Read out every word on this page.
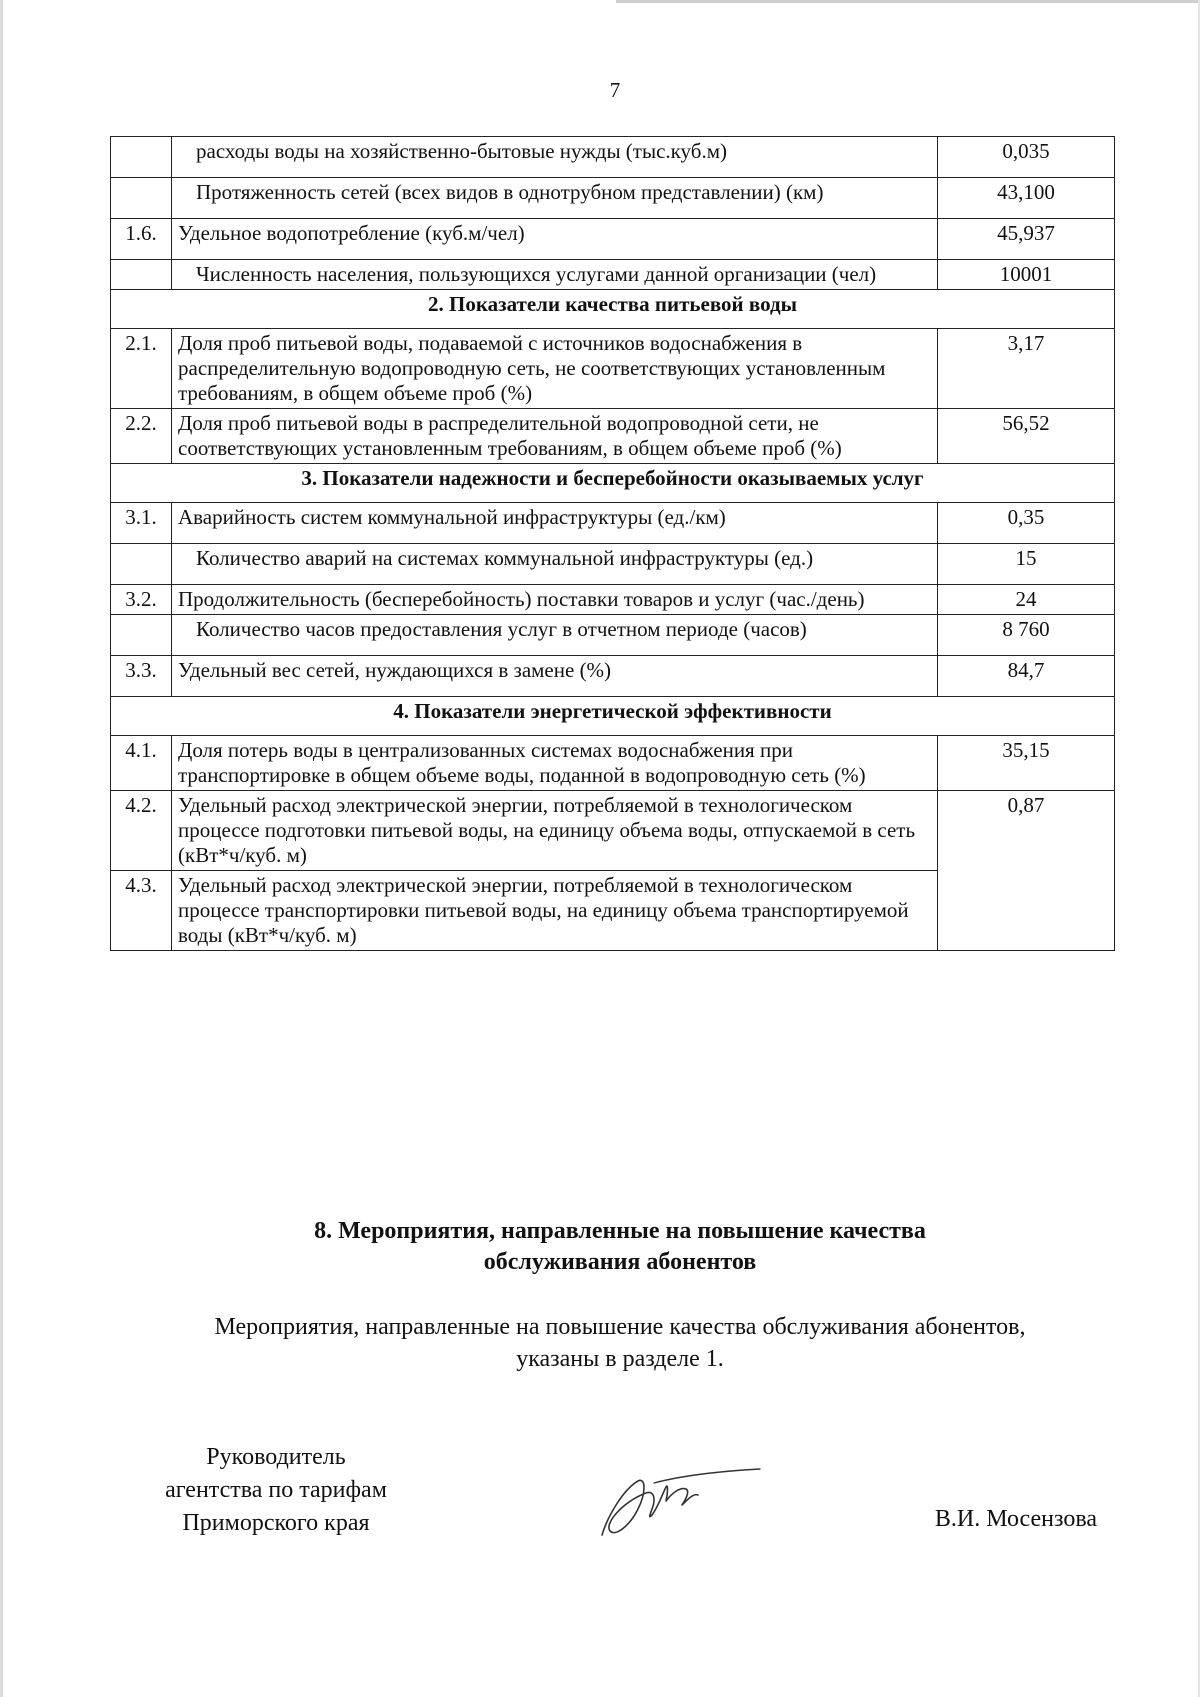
7
	расходы воды на хозяйственно-бытовые нужды (тыс.куб.м)	0,035
	Протяженность сетей (всех видов в однотрубном представлении) (км)	43,100
1.6.	Удельное водопотребление (куб.м/чел)	45,937
	Численность населения, пользующихся услугами данной организации (чел)	10001
2. Показатели качества питьевой воды		
2.1.	Доля проб питьевой воды, подаваемой с источников водоснабжения в распределительную водопроводную сеть, не соответствующих установленным требованиям, в общем объеме проб (%)	3,17
2.2.	Доля проб питьевой воды в распределительной водопроводной сети, не соответствующих установленным требованиям, в общем объеме проб (%)	56,52
3. Показатели надежности и бесперебойности оказываемых услуг		
3.1.	Аварийность систем коммунальной инфраструктуры (ед./км)	0,35
	Количество аварий на системах коммунальной инфраструктуры (ед.)	15
3.2.	Продолжительность (бесперебойность) поставки товаров и услуг (час./день)	24
	Количество часов предоставления услуг в отчетном периоде (часов)	8 760
3.3.	Удельный вес сетей, нуждающихся в замене (%)	84,7
4. Показатели энергетической эффективности		
4.1.	Доля потерь воды в централизованных системах водоснабжения при транспортировке в общем объеме воды, поданной в водопроводную сеть (%)	35,15
4.2.	Удельный расход электрической энергии, потребляемой в технологическом процессе подготовки питьевой воды, на единицу объема воды, отпускаемой в сеть (кВт*ч/куб. м)	0,87
4.3.	Удельный расход электрической энергии, потребляемой в технологическом процессе транспортировки питьевой воды, на единицу объема транспортируемой воды (кВт*ч/куб. м)	
8. Мероприятия, направленные на повышение качества
обслуживания абонентов
Мероприятия, направленные на повышение качества обслуживания абонентов,
указаны в разделе 1.
Руководитель
агентства по тарифам
Приморского края	В.И. Мосензова
